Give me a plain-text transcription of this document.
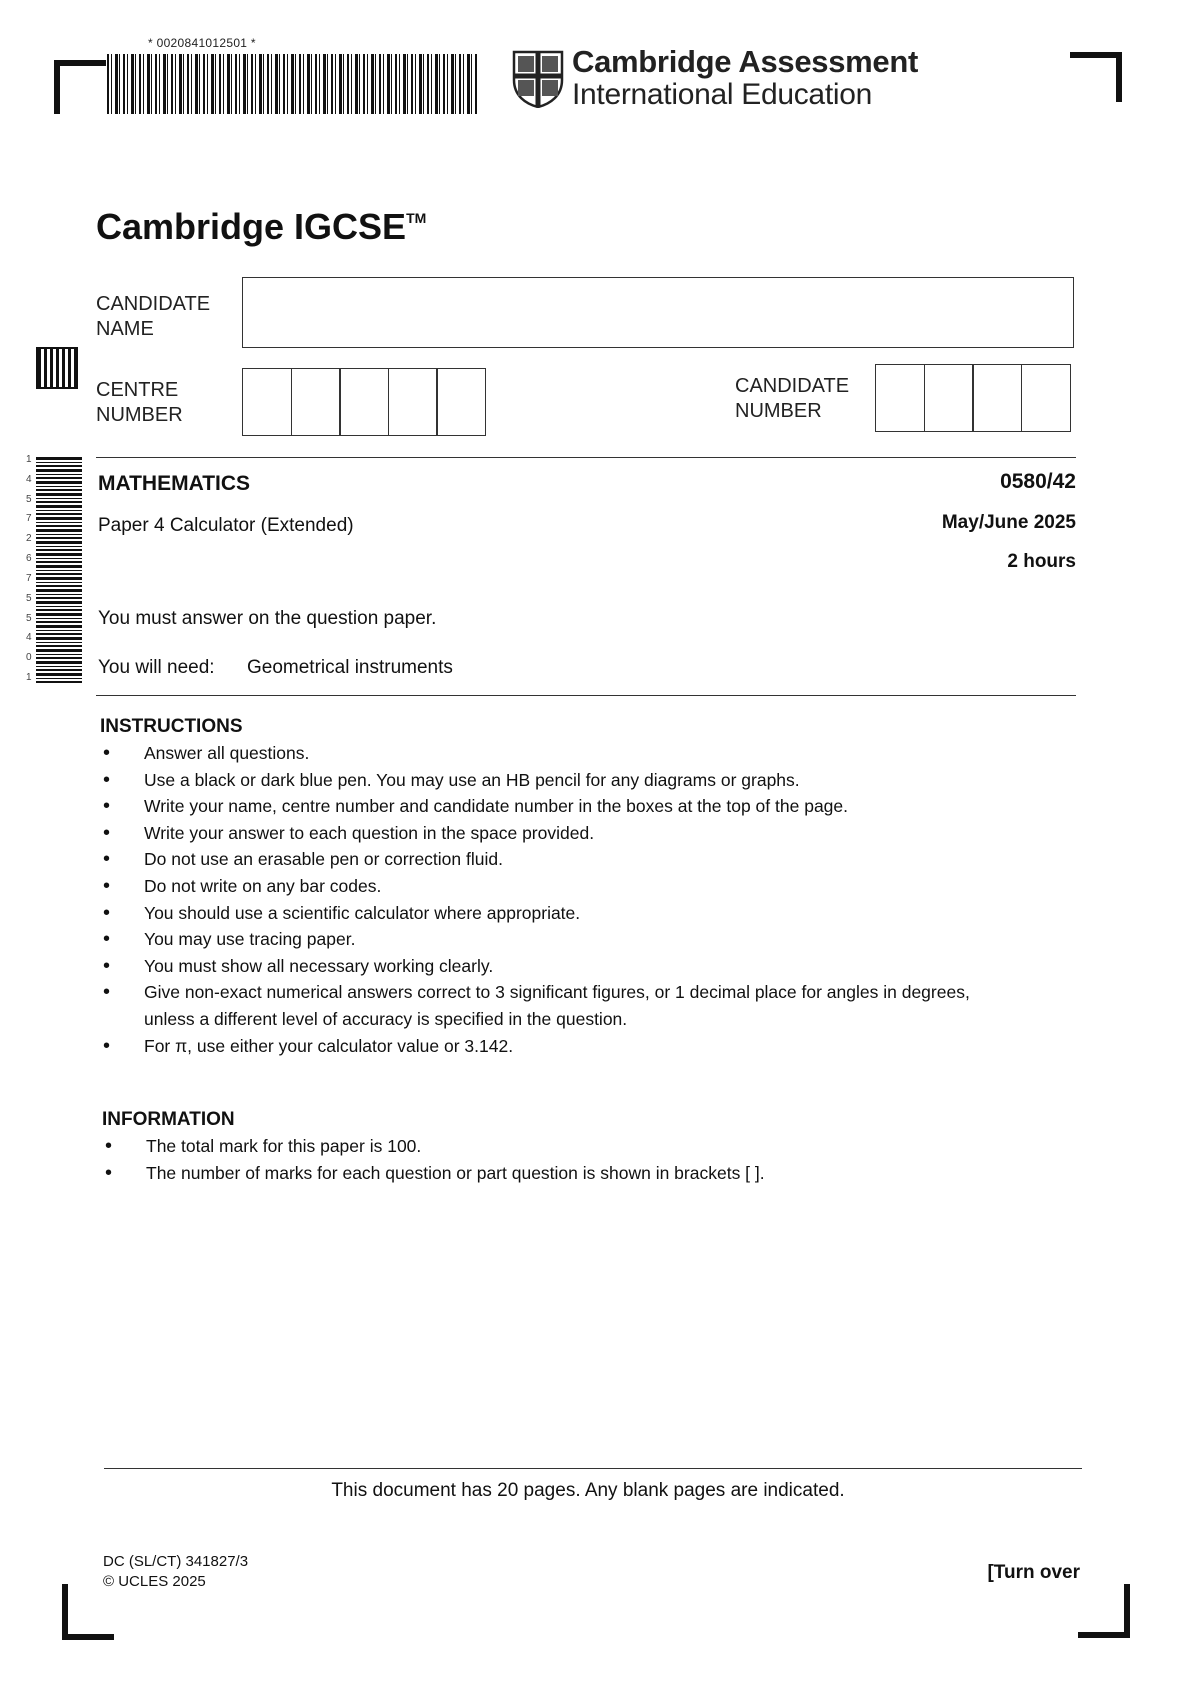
* 0020841012501 *
Cambridge Assessment
International Education
Cambridge IGCSE™
CANDIDATE
NAME
CENTRE
NUMBER
CANDIDATE
NUMBER
MATHEMATICS	0580/42
Paper 4 Calculator (Extended)	May/June 2025
2 hours
You must answer on the question paper.
You will need: Geometrical instruments
INSTRUCTIONS
• Answer all questions.
• Use a black or dark blue pen. You may use an HB pencil for any diagrams or graphs.
• Write your name, centre number and candidate number in the boxes at the top of the page.
• Write your answer to each question in the space provided.
• Do not use an erasable pen or correction fluid.
• Do not write on any bar codes.
• You should use a scientific calculator where appropriate.
• You may use tracing paper.
• You must show all necessary working clearly.
• Give non-exact numerical answers correct to 3 significant figures, or 1 decimal place for angles in degrees, unless a different level of accuracy is specified in the question.
• For π, use either your calculator value or 3.142.
INFORMATION
• The total mark for this paper is 100.
• The number of marks for each question or part question is shown in brackets [ ].
This document has 20 pages. Any blank pages are indicated.
DC (SL/CT) 341827/3
© UCLES 2025	[Turn over
1
4
5
7
2
6
7
5
5
4
0
1
